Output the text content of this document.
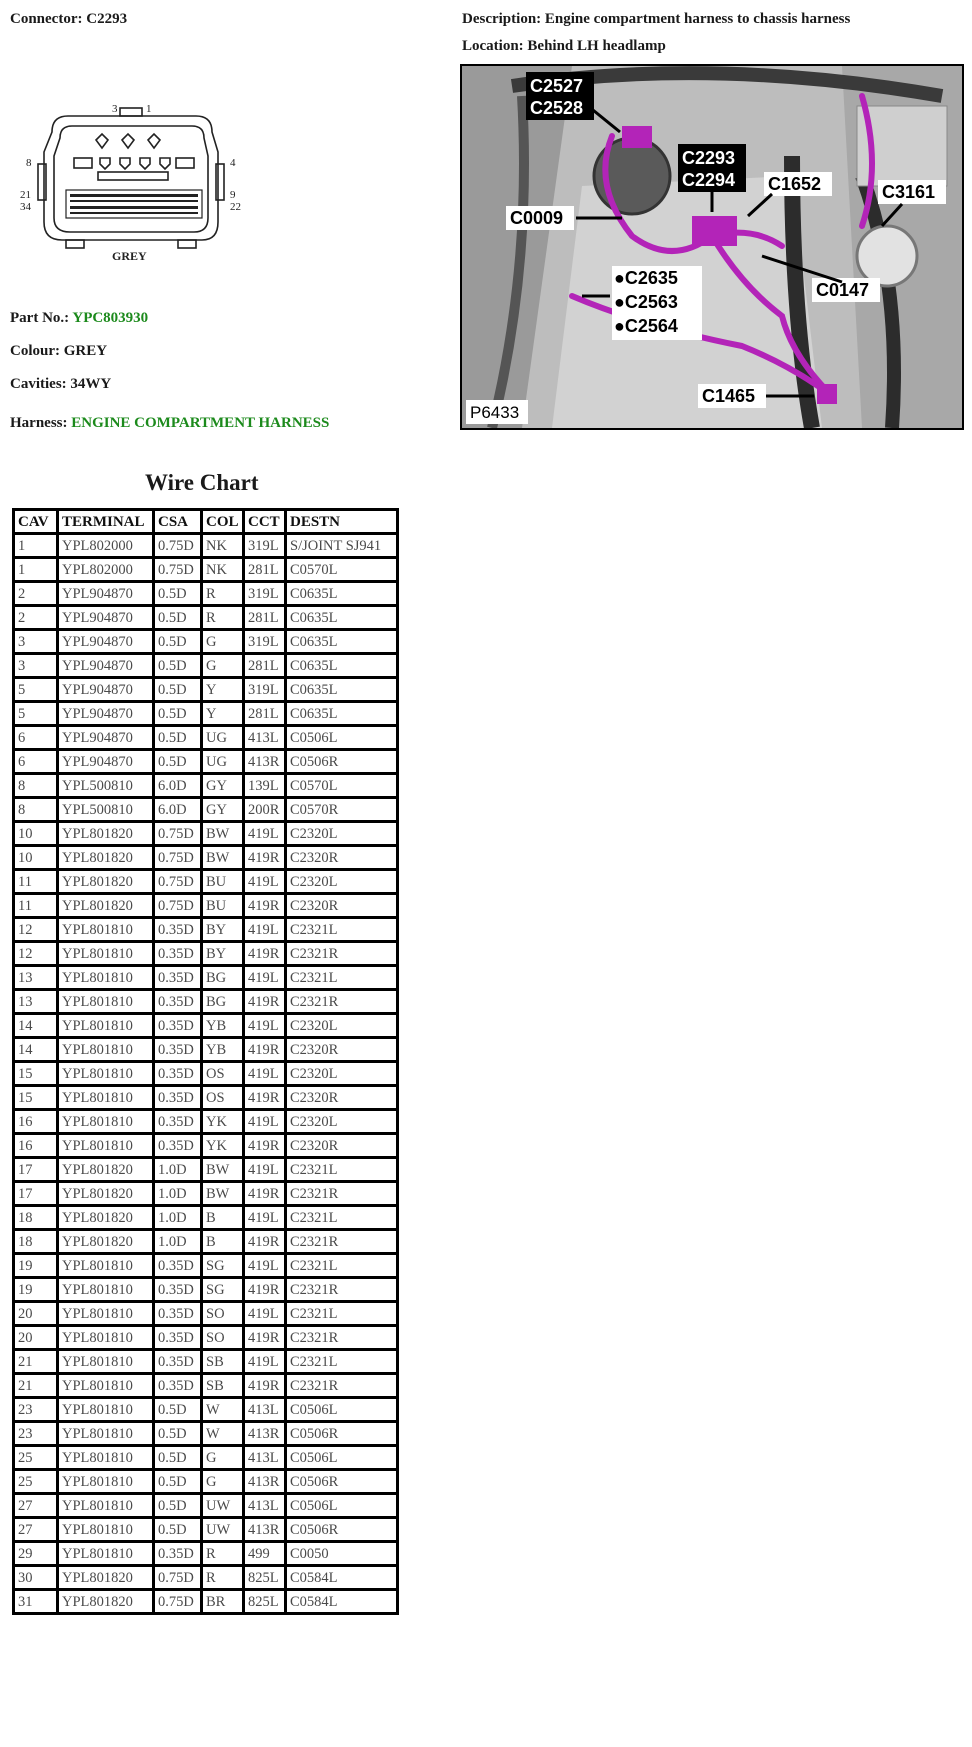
Connector: C2293	Description: Engine compartment harness to chassis harness
Location: Behind LH headlamp
3	1
8	4
21	9
34	22
GREY
C2527
C2528
C2293
C2294 C1652	C3161
C0009
●C2635
●C2563
●C2564
C0147
C1465
P6433
Part No.: YPC803930
Colour: GREY
Cavities: 34WY
Harness: ENGINE COMPARTMENT HARNESS
Wire Chart
CAV	TERMINAL	CSA	COL	CCT	DESTN
1	YPL802000	0.75D	NK	319L	S/JOINT SJ941
1	YPL802000	0.75D	NK	281L	C0570L
2	YPL904870	0.5D	R	319L	C0635L
2	YPL904870	0.5D	R	281L	C0635L
3	YPL904870	0.5D	G	319L	C0635L
3	YPL904870	0.5D	G	281L	C0635L
5	YPL904870	0.5D	Y	319L	C0635L
5	YPL904870	0.5D	Y	281L	C0635L
6	YPL904870	0.5D	UG	413L	C0506L
6	YPL904870	0.5D	UG	413R	C0506R
8	YPL500810	6.0D	GY	139L	C0570L
8	YPL500810	6.0D	GY	200R	C0570R
10	YPL801820	0.75D	BW	419L	C2320L
10	YPL801820	0.75D	BW	419R	C2320R
11	YPL801820	0.75D	BU	419L	C2320L
11	YPL801820	0.75D	BU	419R	C2320R
12	YPL801810	0.35D	BY	419L	C2321L
12	YPL801810	0.35D	BY	419R	C2321R
13	YPL801810	0.35D	BG	419L	C2321L
13	YPL801810	0.35D	BG	419R	C2321R
14	YPL801810	0.35D	YB	419L	C2320L
14	YPL801810	0.35D	YB	419R	C2320R
15	YPL801810	0.35D	OS	419L	C2320L
15	YPL801810	0.35D	OS	419R	C2320R
16	YPL801810	0.35D	YK	419L	C2320L
16	YPL801810	0.35D	YK	419R	C2320R
17	YPL801820	1.0D	BW	419L	C2321L
17	YPL801820	1.0D	BW	419R	C2321R
18	YPL801820	1.0D	B	419L	C2321L
18	YPL801820	1.0D	B	419R	C2321R
19	YPL801810	0.35D	SG	419L	C2321L
19	YPL801810	0.35D	SG	419R	C2321R
20	YPL801810	0.35D	SO	419L	C2321L
20	YPL801810	0.35D	SO	419R	C2321R
21	YPL801810	0.35D	SB	419L	C2321L
21	YPL801810	0.35D	SB	419R	C2321R
23	YPL801810	0.5D	W	413L	C0506L
23	YPL801810	0.5D	W	413R	C0506R
25	YPL801810	0.5D	G	413L	C0506L
25	YPL801810	0.5D	G	413R	C0506R
27	YPL801810	0.5D	UW	413L	C0506L
27	YPL801810	0.5D	UW	413R	C0506R
29	YPL801810	0.35D	R	499	C0050
30	YPL801820	0.75D	R	825L	C0584L
31	YPL801820	0.75D	BR	825L	C0584L
